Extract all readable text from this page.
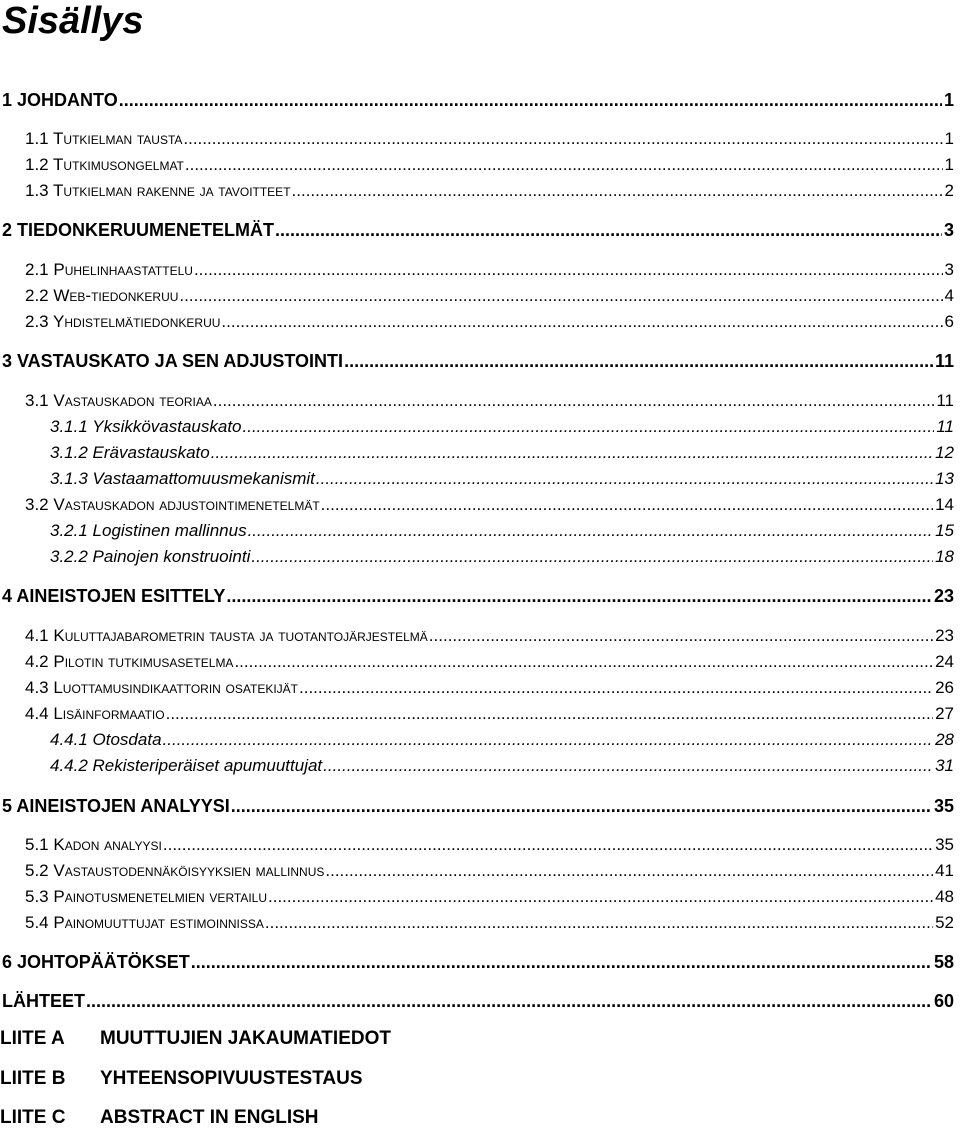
Sisällys
1 JOHDANTO .....	1
1.1 Tutkielman tausta .....	1
1.2 Tutkimusongelmat .....	1
1.3 Tutkielman rakenne ja tavoitteet .....	2
2 TIEDONKERUUMENETELMÄT .....	3
2.1 Puhelinhaastattelu .....	3
2.2 Web-tiedonkeruu .....	4
2.3 Yhdistelmätiedonkeruu .....	6
3 VASTAUSKATO JA SEN ADJUSTOINTI .....	11
3.1 Vastauskadon teoriaa .....	11
3.1.1 Yksikkövastauskato .....	11
3.1.2 Erävastauskato .....	12
3.1.3 Vastaamattomuusmekanismit .....	13
3.2 Vastauskadon adjustointimenetelmät .....	14
3.2.1 Logistinen mallinnus .....	15
3.2.2 Painojen konstruointi .....	18
4 AINEISTOJEN ESITTELY .....	23
4.1 Kuluttajabarometrin tausta ja tuotantojärjestelmä .....	23
4.2 Pilotin tutkimusasetelma .....	24
4.3 Luottamusindikaattorin osatekijät .....	26
4.4 Lisäinformaatio .....	27
4.4.1 Otosdata .....	28
4.4.2 Rekisteriperäiset apumuuttujat .....	31
5 AINEISTOJEN ANALYYSI .....	35
5.1 Kadon analyysi .....	35
5.2 Vastaustodennäköisyyksien mallinnus .....	41
5.3 Painotusmenetelmien vertailu .....	48
5.4 Painomuuttujat estimoinnissa .....	52
6 JOHTOPÄÄTÖKSET .....	58
LÄHTEET .....	60
LIITE A	MUUTTUJIEN JAKAUMATIEDOT
LIITE B	YHTEENSOPIVUUSTESTAUS
LIITE C	ABSTRACT IN ENGLISH
